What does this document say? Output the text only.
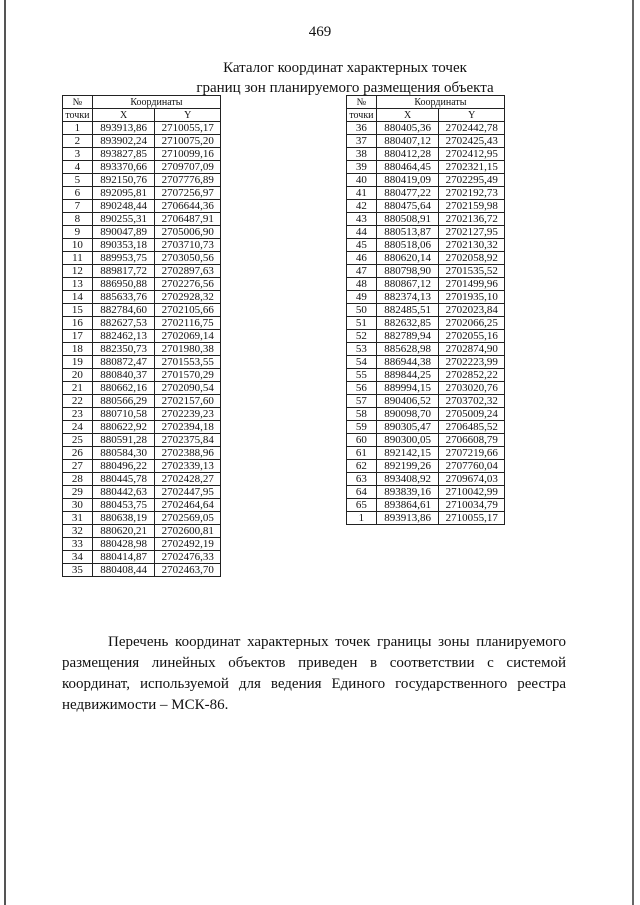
469
Каталог координат характерных точек
границ зон планируемого размещения объекта
№	Координаты	
точки	X	Y
1	893913,86	2710055,17
2	893902,24	2710075,20
3	893827,85	2710099,16
4	893370,66	2709707,09
5	892150,76	2707776,89
6	892095,81	2707256,97
7	890248,44	2706644,36
8	890255,31	2706487,91
9	890047,89	2705006,90
10	890353,18	2703710,73
11	889953,75	2703050,56
12	889817,72	2702897,63
13	886950,88	2702276,56
14	885633,76	2702928,32
15	882784,60	2702105,66
16	882627,53	2702116,75
17	882462,13	2702069,14
18	882350,73	2701980,38
19	880872,47	2701553,55
20	880840,37	2701570,29
21	880662,16	2702090,54
22	880566,29	2702157,60
23	880710,58	2702239,23
24	880622,92	2702394,18
25	880591,28	2702375,84
26	880584,30	2702388,96
27	880496,22	2702339,13
28	880445,78	2702428,27
29	880442,63	2702447,95
30	880453,75	2702464,64
31	880638,19	2702569,05
32	880620,21	2702600,81
33	880428,98	2702492,19
34	880414,87	2702476,33
35	880408,44	2702463,70
№	Координаты	
точки	X	Y
36	880405,36	2702442,78
37	880407,12	2702425,43
38	880412,28	2702412,95
39	880464,45	2702321,15
40	880419,09	2702295,49
41	880477,22	2702192,73
42	880475,64	2702159,98
43	880508,91	2702136,72
44	880513,87	2702127,95
45	880518,06	2702130,32
46	880620,14	2702058,92
47	880798,90	2701535,52
48	880867,12	2701499,96
49	882374,13	2701935,10
50	882485,51	2702023,84
51	882632,85	2702066,25
52	882789,94	2702055,16
53	885628,98	2702874,90
54	886944,38	2702223,99
55	889844,25	2702852,22
56	889994,15	2703020,76
57	890406,52	2703702,32
58	890098,70	2705009,24
59	890305,47	2706485,52
60	890300,05	2706608,79
61	892142,15	2707219,66
62	892199,26	2707760,04
63	893408,92	2709674,03
64	893839,16	2710042,99
65	893864,61	2710034,79
1	893913,86	2710055,17
Перечень координат характерных точек границы зоны планируемого
размещения линейных объектов приведен в соответствии с системой
координат, используемой для ведения Единого государственного реестра
недвижимости – МСК-86.
